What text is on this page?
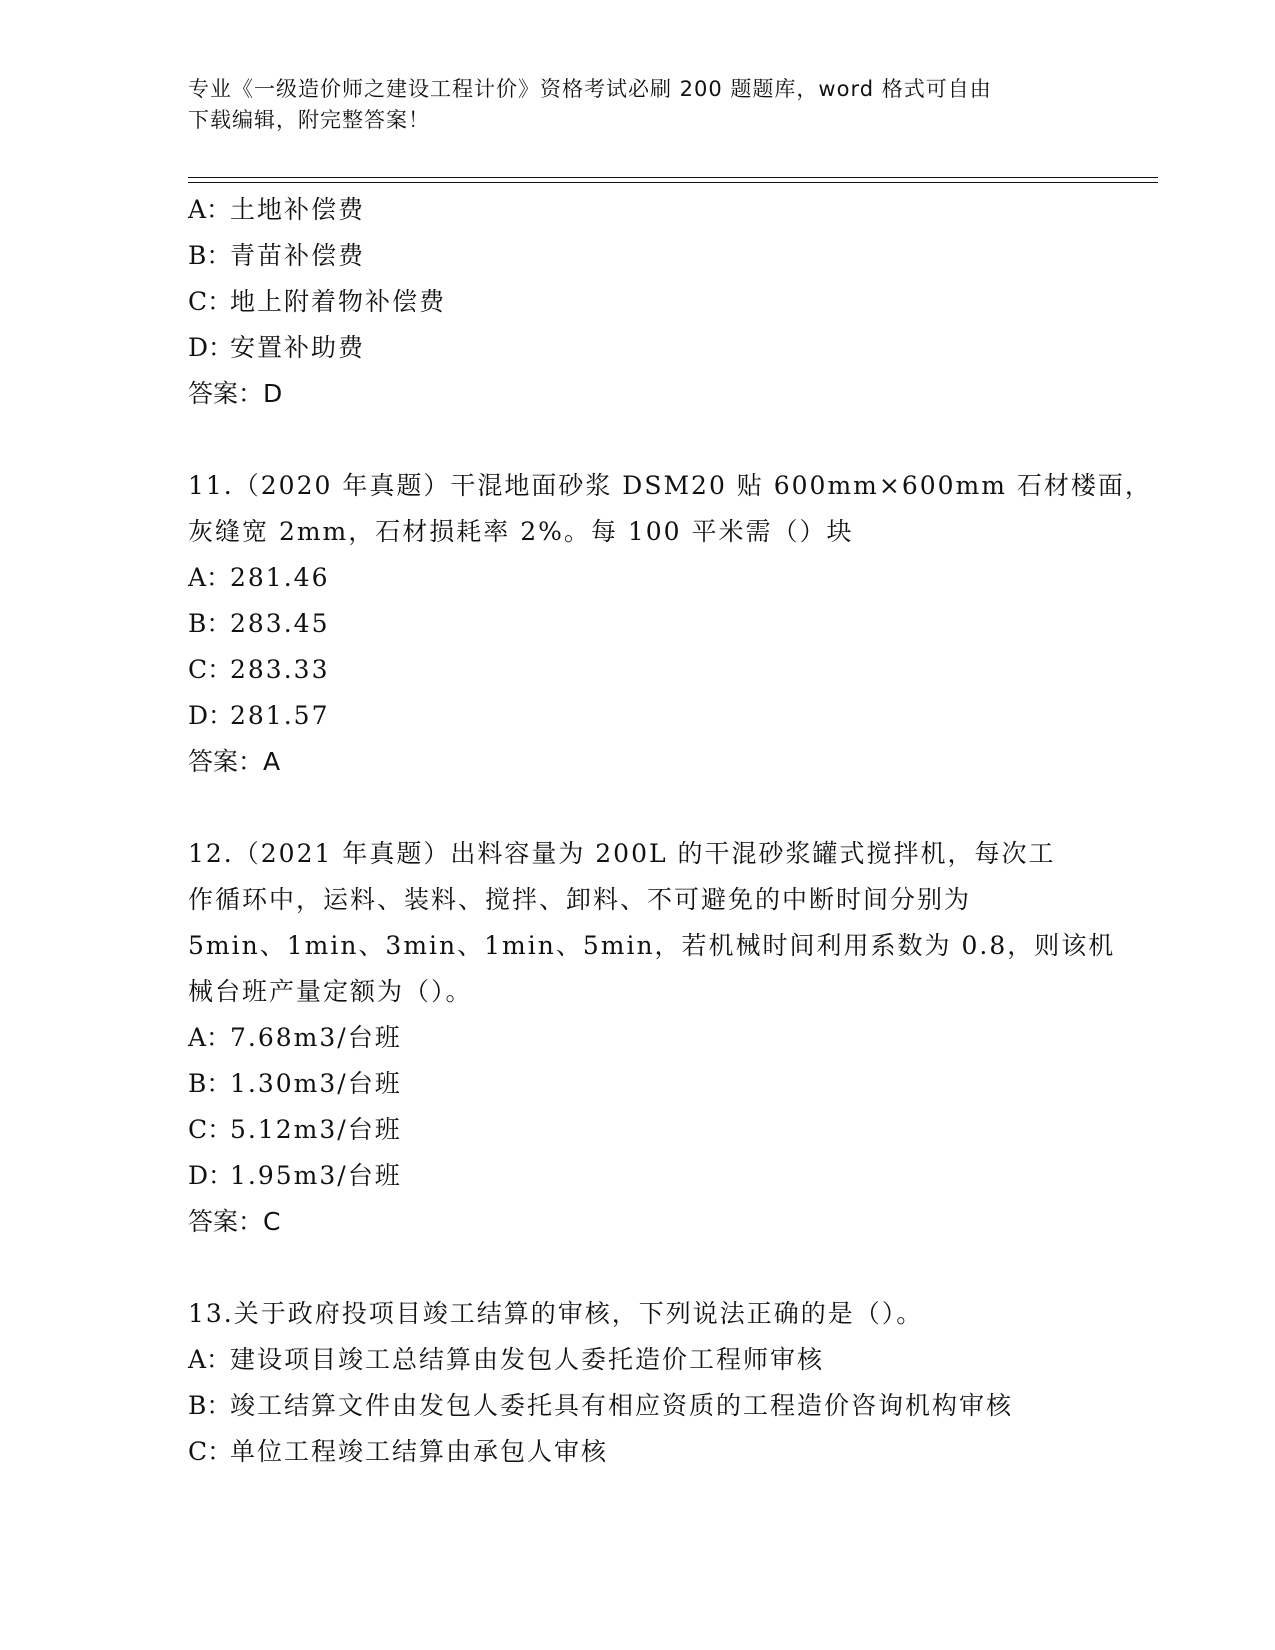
专业《一级造价师之建设工程计价》资格考试必刷 200 题题库，word 格式可自由
下载编辑，附完整答案！
A：土地补偿费
B：青苗补偿费
C：地上附着物补偿费
D：安置补助费
答案：D
11.（2020 年真题）干混地面砂浆 DSM20 贴 600mm×600mm 石材楼面，
灰缝宽 2mm，石材损耗率 2%。每 100 平米需（）块
A：281.46
B：283.45
C：283.33
D：281.57
答案：A
12.（2021 年真题）出料容量为 200L 的干混砂浆罐式搅拌机，每次工
作循环中，运料、装料、搅拌、卸料、不可避免的中断时间分别为
5min、1min、3min、1min、5min，若机械时间利用系数为 0.8，则该机
械台班产量定额为（）。
A：7.68m3/台班
B：1.30m3/台班
C：5.12m3/台班
D：1.95m3/台班
答案：C
13.关于政府投项目竣工结算的审核，下列说法正确的是（）。
A：建设项目竣工总结算由发包人委托造价工程师审核
B：竣工结算文件由发包人委托具有相应资质的工程造价咨询机构审核
C：单位工程竣工结算由承包人审核
